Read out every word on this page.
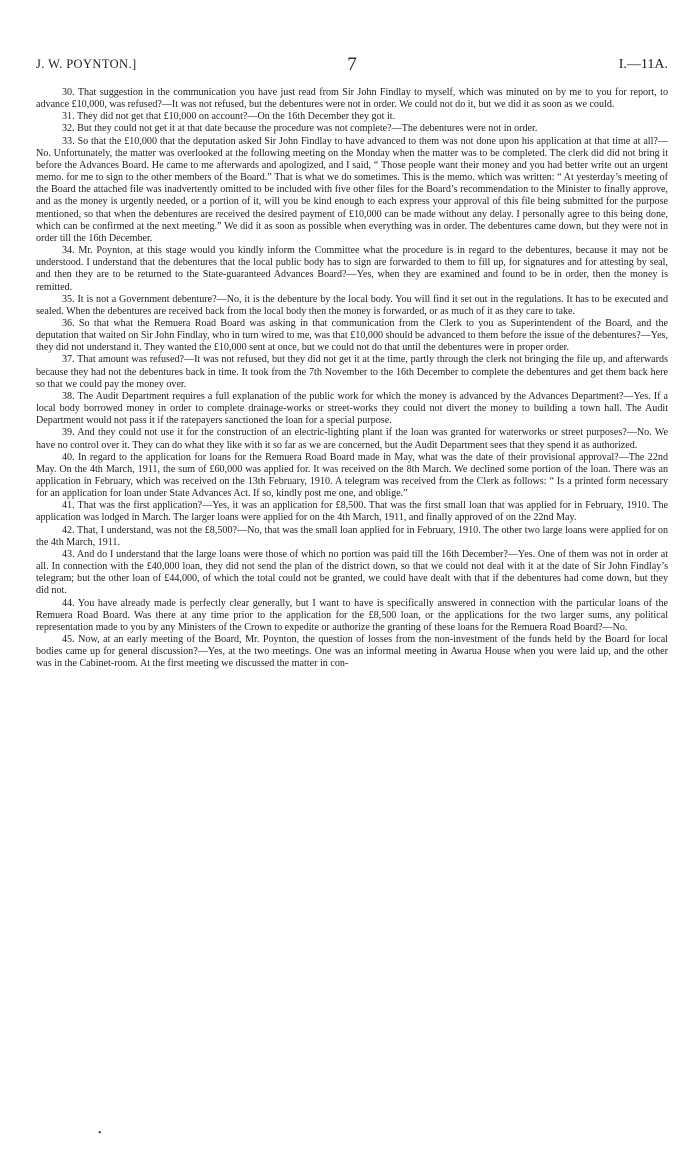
J. W. POYNTON.]	7	I.—11A.

30. That suggestion in the communication you have just read from Sir John Findlay to myself, which was minuted on by me to you for report, to advance £10,000, was refused?—It was not refused, but the debentures were not in order. We could not do it, but we did it as soon as we could.

31. They did not get that £10,000 on account?—On the 16th December they got it.

32. But they could not get it at that date because the procedure was not complete?—The debentures were not in order.

33. So that the £10,000 that the deputation asked Sir John Findlay to have advanced to them was not done upon his application at that time at all?—No. Unfortunately, the matter was overlooked at the following meeting on the Monday when the matter was to be completed. The clerk did did not bring it before the Advances Board. He came to me afterwards and apologized, and I said, “ Those people want their money and you had better write out an urgent memo. for me to sign to the other members of the Board.” That is what we do sometimes. This is the memo. which was written: “ At yesterday’s meeting of the Board the attached file was inadvertently omitted to be included with five other files for the Board’s recommendation to the Minister to finally approve, and as the money is urgently needed, or a portion of it, will you be kind enough to each express your approval of this file being submitted for the purpose mentioned, so that when the debentures are received the desired payment of £10,000 can be made without any delay. I personally agree to this being done, which can be confirmed at the next meeting.” We did it as soon as possible when everything was in order. The debentures came down, but they were not in order till the 16th December.

34. Mr. Poynton, at this stage would you kindly inform the Committee what the procedure is in regard to the debentures, because it may not be understood. I understand that the debentures that the local public body has to sign are forwarded to them to fill up, for signatures and for attesting by seal, and then they are to be returned to the State-guaranteed Advances Board?—Yes, when they are examined and found to be in order, then the money is remitted.

35. It is not a Government debenture?—No, it is the debenture by the local body. You will find it set out in the regulations. It has to be executed and sealed. When the debentures are received back from the local body then the money is forwarded, or as much of it as they care to take.

36. So that what the Remuera Road Board was asking in that communication from the Clerk to you as Superintendent of the Board, and the deputation that waited on Sir John Findlay, who in turn wired to me, was that £10,000 should be advanced to them before the issue of the debentures?—Yes, they did not understand it. They wanted the £10,000 sent at once, but we could not do that until the debentures were in proper order.

37. That amount was refused?—It was not refused, but they did not get it at the time, partly through the clerk not bringing the file up, and afterwards because they had not the debentures back in time. It took from the 7th November to the 16th December to complete the debentures and get them back here so that we could pay the money over.

38. The Audit Department requires a full explanation of the public work for which the money is advanced by the Advances Department?—Yes. If a local body borrowed money in order to complete drainage-works or street-works they could not divert the money to building a town hall. The Audit Department would not pass it if the ratepayers sanctioned the loan for a special purpose.

39. And they could not use it for the construction of an electric-lighting plant if the loan was granted for waterworks or street purposes?—No. We have no control over it. They can do what they like with it so far as we are concerned, but the Audit Department sees that they spend it as authorized.

40. In regard to the application for loans for the Remuera Road Board made in May, what was the date of their provisional approval?—The 22nd May. On the 4th March, 1911, the sum of £60,000 was applied for. It was received on the 8th March. We declined some portion of the loan. There was an application in February, which was received on the 13th February, 1910. A telegram was received from the Clerk as follows: “ Is a printed form necessary for an application for loan under State Advances Act. If so, kindly post me one, and oblige.”

41. That was the first application?—Yes, it was an application for £8,500. That was the first small loan that was applied for in February, 1910. The application was lodged in March. The larger loans were applied for on the 4th March, 1911, and finally approved of on the 22nd May.

42. That, I understand, was not the £8,500?—No, that was the small loan applied for in February, 1910. The other two large loans were applied for on the 4th March, 1911.

43. And do I understand that the large loans were those of which no portion was paid till the 16th December?—Yes. One of them was not in order at all. In connection with the £40,000 loan, they did not send the plan of the district down, so that we could not deal with it at the date of Sir John Findlay’s telegram; but the other loan of £44,000, of which the total could not be granted, we could have dealt with that if the debentures had come down, but they did not.

44. You have already made is perfectly clear generally, but I want to have is specifically answered in connection with the particular loans of the Remuera Road Board. Was there at any time prior to the application for the £8,500 loan, or the applications for the two larger sums, any political representation made to you by any Ministers of the Crown to expedite or authorize the granting of these loans for the Remuera Road Board?—No.

45. Now, at an early meeting of the Board, Mr. Poynton, the question of losses from the non-investment of the funds held by the Board for local bodies came up for general discussion?—Yes, at the two meetings. One was an informal meeting in Awarua House when you were laid up, and the other was in the Cabinet-room. At the first meeting we discussed the matter in con-

•
